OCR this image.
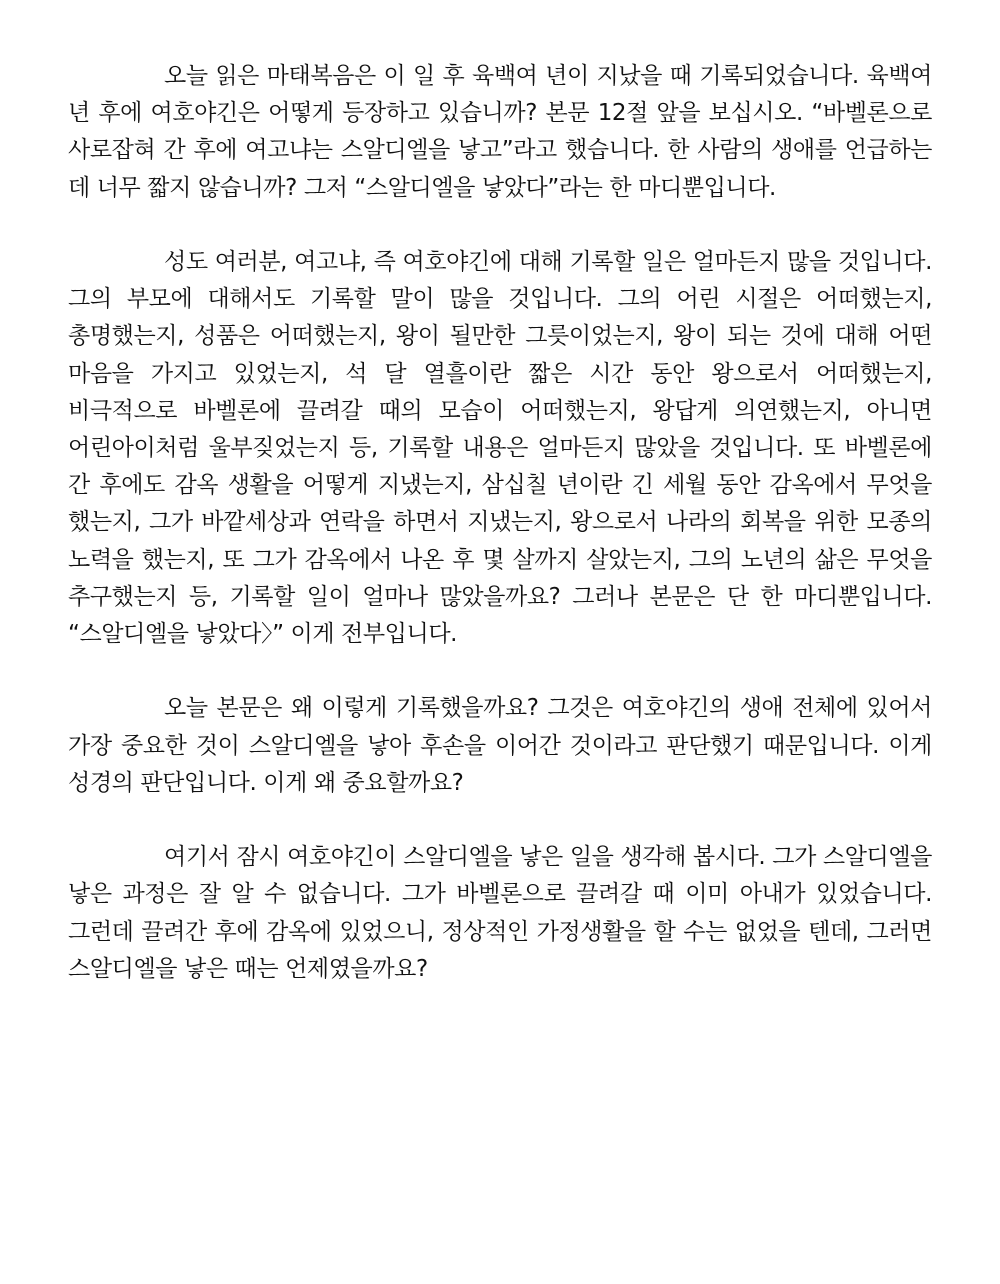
오늘 읽은 마태복음은 이 일 후 육백여 년이 지났을 때 기록되었습니다. 육백여 년 후에 여호야긴은 어떻게 등장하고 있습니까? 본문 12절 앞을 보십시오. “바벨론으로 사로잡혀 간 후에 여고냐는 스알디엘을 낳고”라고 했습니다. 한 사람의 생애를 언급하는 데 너무 짧지 않습니까? 그저 “스알디엘을 낳았다”라는 한 마디뿐입니다.

성도 여러분, 여고냐, 즉 여호야긴에 대해 기록할 일은 얼마든지 많을 것입니다. 그의 부모에 대해서도 기록할 말이 많을 것입니다. 그의 어린 시절은 어떠했는지, 총명했는지, 성품은 어떠했는지, 왕이 될만한 그릇이었는지, 왕이 되는 것에 대해 어떤 마음을 가지고 있었는지, 석 달 열흘이란 짧은 시간 동안 왕으로서 어떠했는지, 비극적으로 바벨론에 끌려갈 때의 모습이 어떠했는지, 왕답게 의연했는지, 아니면 어린아이처럼 울부짖었는지 등, 기록할 내용은 얼마든지 많았을 것입니다. 또 바벨론에 간 후에도 감옥 생활을 어떻게 지냈는지, 삼십칠 년이란 긴 세월 동안 감옥에서 무엇을 했는지, 그가 바깥세상과 연락을 하면서 지냈는지, 왕으로서 나라의 회복을 위한 모종의 노력을 했는지, 또 그가 감옥에서 나온 후 몇 살까지 살았는지, 그의 노년의 삶은 무엇을 추구했는지 등, 기록할 일이 얼마나 많았을까요? 그러나 본문은 단 한 마디뿐입니다. “스알디엘을 낳았다〉” 이게 전부입니다.

오늘 본문은 왜 이렇게 기록했을까요? 그것은 여호야긴의 생애 전체에 있어서 가장 중요한 것이 스알디엘을 낳아 후손을 이어간 것이라고 판단했기 때문입니다. 이게 성경의 판단입니다. 이게 왜 중요할까요?

여기서 잠시 여호야긴이 스알디엘을 낳은 일을 생각해 봅시다. 그가 스알디엘을 낳은 과정은 잘 알 수 없습니다. 그가 바벨론으로 끌려갈 때 이미 아내가 있었습니다. 그런데 끌려간 후에 감옥에 있었으니, 정상적인 가정생활을 할 수는 없었을 텐데, 그러면 스알디엘을 낳은 때는 언제였을까요?
